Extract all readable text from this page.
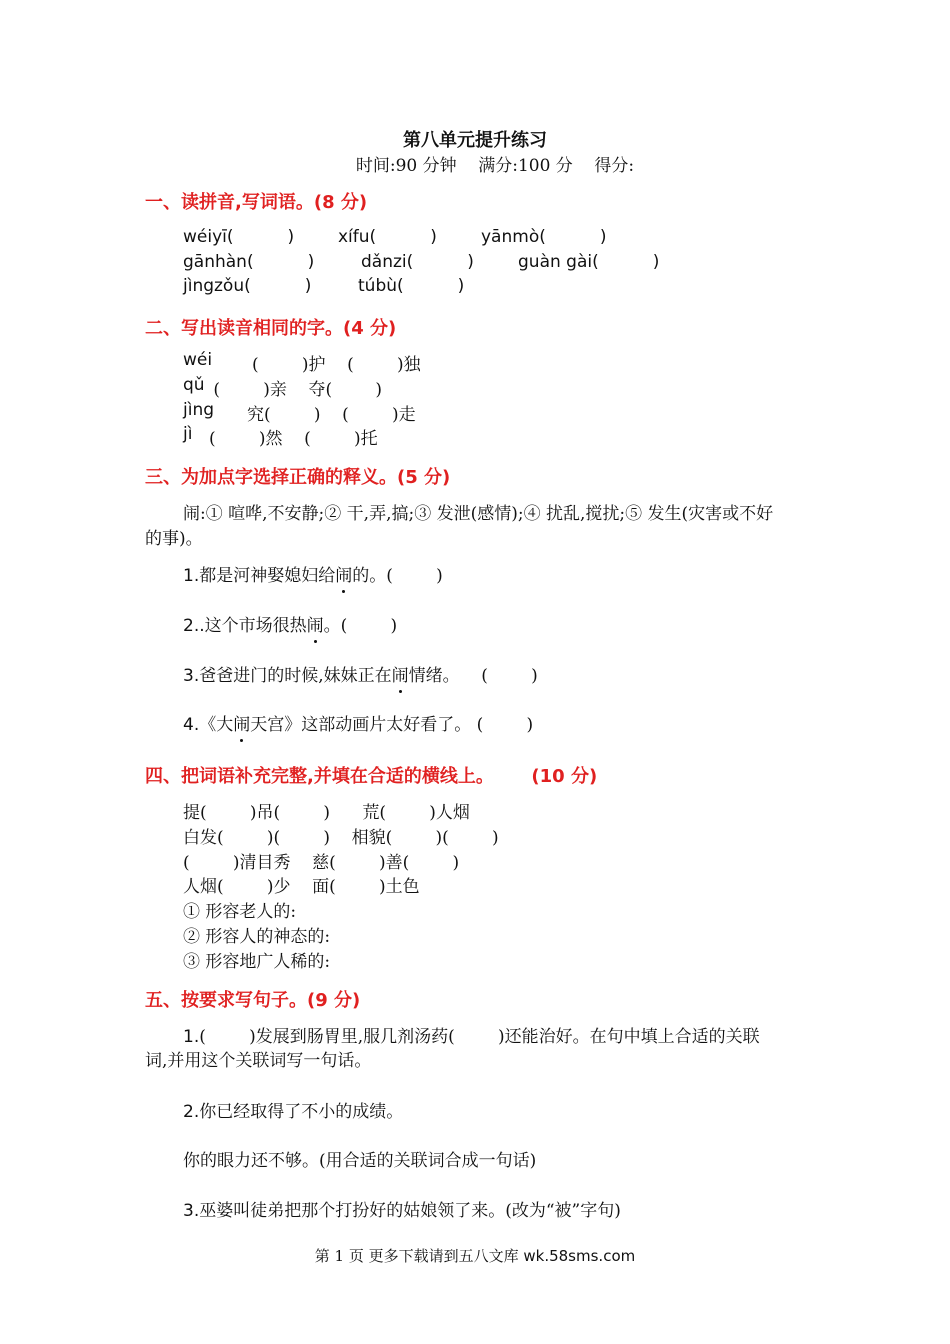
第八单元提升练习
时间:90 分钟    满分:100 分    得分:
一、读拼音,写词语。(8 分)
wéiyī(          )	xífu(          )	yānmò(          )
gānhàn(          )	dǎnzi(          )	guàn gài(          )
jìngzǒu(          )	túbù(          )
二、写出读音相同的字。(4 分)
wéi (        )护    (        )独
qǔ (        )亲    夺(        )
jìng 究(        )    (        )走
jì (        )然    (        )托
三、为加点字选择正确的释义。(5 分)
闹:① 喧哗,不安静;② 干,弄,搞;③ 发泄(感情);④ 扰乱,搅扰;⑤ 发生(灾害或不好
的事)。
1.都是河神娶媳妇给闹的。(        )
2..这个市场很热闹。(        )
3.爸爸进门的时候,妹妹正在闹情绪。    (        )
4.《大闹天宫》这部动画片太好看了。 (        )
四、把词语补充完整,并填在合适的横线上。      (10 分)
提(        )吊(        )      荒(        )人烟
白发(        )(        )    相貌(        )(        )
(        )清目秀    慈(        )善(        )
人烟(        )少    面(        )土色
① 形容老人的:
② 形容人的神态的:
③ 形容地广人稀的:
五、按要求写句子。(9 分)
1.(        )发展到肠胃里,服几剂汤药(        )还能治好。在句中填上合适的关联
词,并用这个关联词写一句话。
2.你已经取得了不小的成绩。
你的眼力还不够。(用合适的关联词合成一句话)
3.巫婆叫徒弟把那个打扮好的姑娘领了来。(改为“被”字句)
第 1 页 更多下载请到五八文库 wk.58sms.com
